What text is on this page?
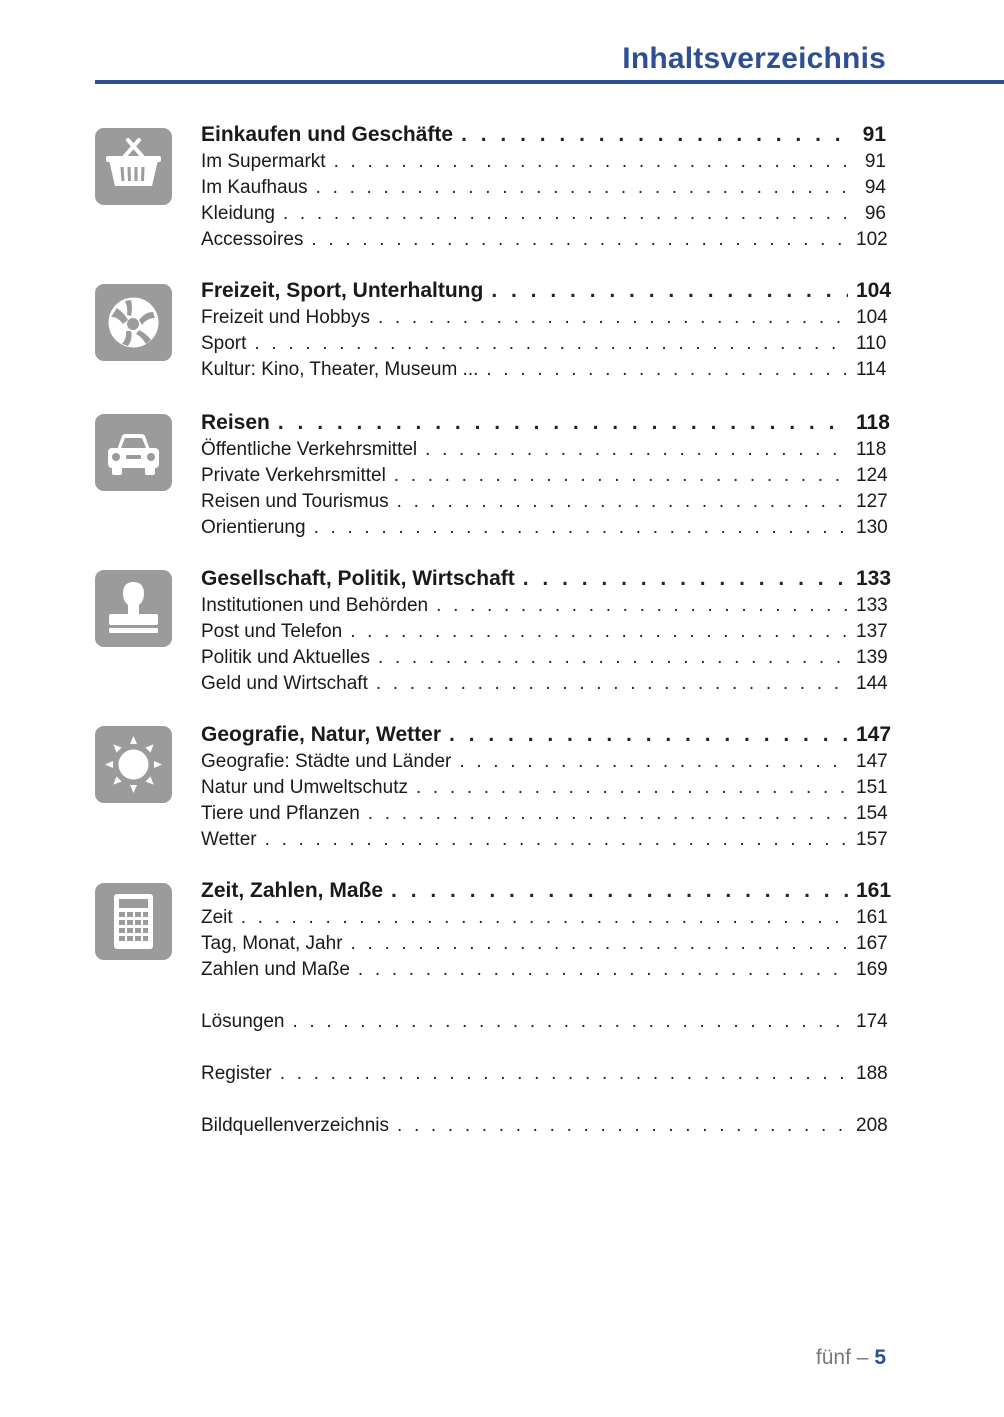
Inhaltsverzeichnis
Einkaufen und Geschäfte . . .	91
Im Supermarkt . . .	91
Im Kaufhaus . . .	94
Kleidung . . .	96
Accessoires . . .	102
Freizeit, Sport, Unterhaltung . . .	104
Freizeit und Hobbys . . .	104
Sport . . .	110
Kultur: Kino, Theater, Museum ... . . .	114
Reisen . . .	118
Öffentliche Verkehrsmittel . . .	118
Private Verkehrsmittel . . .	124
Reisen und Tourismus . . .	127
Orientierung . . .	130
Gesellschaft, Politik, Wirtschaft . . .	133
Institutionen und Behörden . . .	133
Post und Telefon . . .	137
Politik und Aktuelles . . .	139
Geld und Wirtschaft . . .	144
Geografie, Natur, Wetter . . .	147
Geografie: Städte und Länder . . .	147
Natur und Umweltschutz . . .	151
Tiere und Pflanzen . . .	154
Wetter . . .	157
Zeit, Zahlen, Maße . . .	161
Zeit . . .	161
Tag, Monat, Jahr . . .	167
Zahlen und Maße . . .	169
Lösungen . . .	174
Register . . .	188
Bildquellenverzeichnis . . .	208
fünf – 5
